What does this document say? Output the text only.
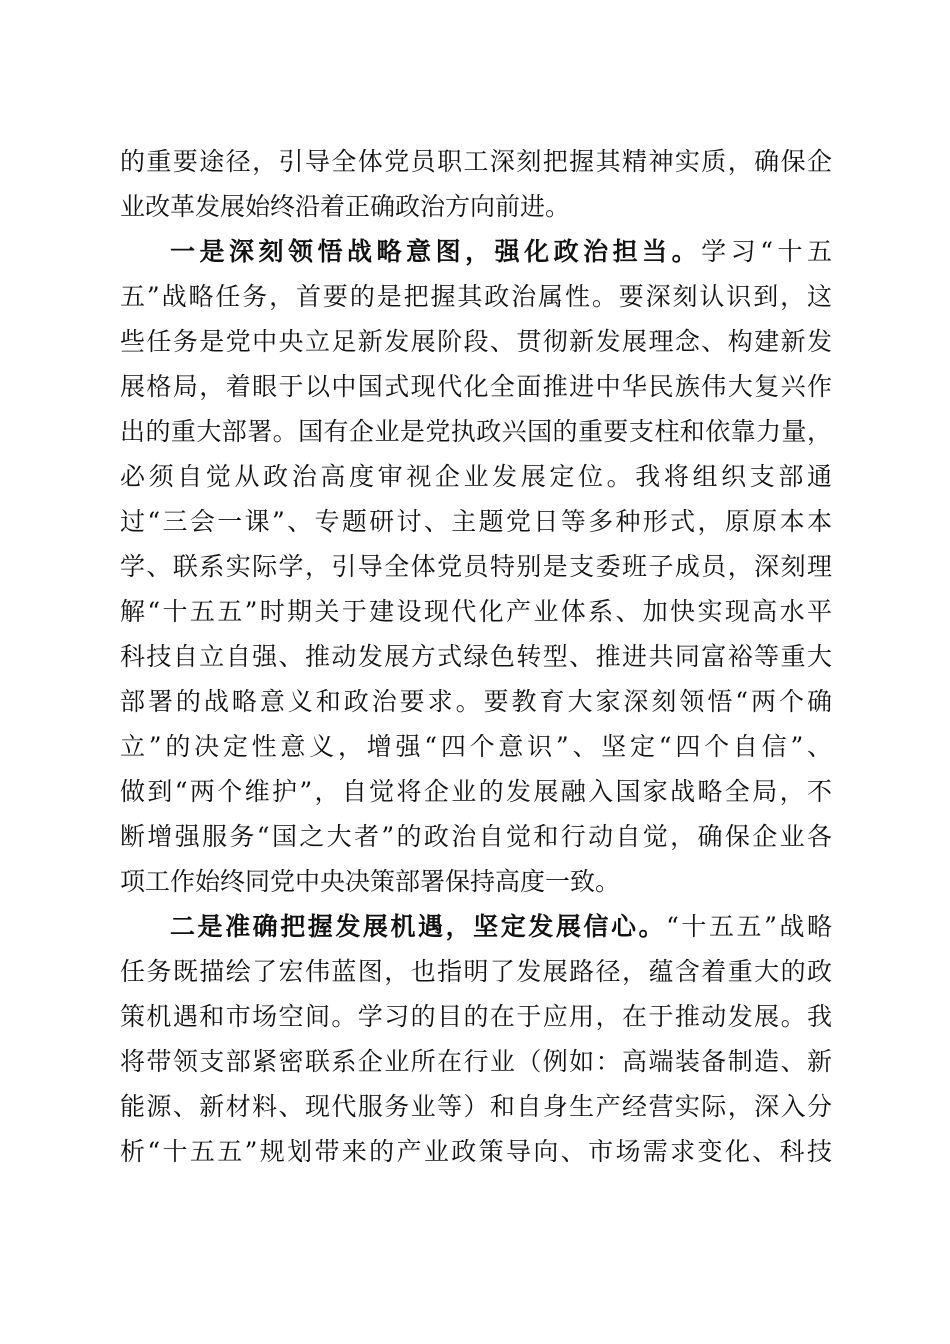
的重要途径，引导全体党员职工深刻把握其精神实质，确保企
业改革发展始终沿着正确政治方向前进。
一是深刻领悟战略意图，强化政治担当。学习“十五
五”战略任务，首要的是把握其政治属性。要深刻认识到，这
些任务是党中央立足新发展阶段、贯彻新发展理念、构建新发
展格局，着眼于以中国式现代化全面推进中华民族伟大复兴作
出的重大部署。国有企业是党执政兴国的重要支柱和依靠力量，
必须自觉从政治高度审视企业发展定位。我将组织支部通
过“三会一课”、专题研讨、主题党日等多种形式，原原本本
学、联系实际学，引导全体党员特别是支委班子成员，深刻理
解“十五五”时期关于建设现代化产业体系、加快实现高水平
科技自立自强、推动发展方式绿色转型、推进共同富裕等重大
部署的战略意义和政治要求。要教育大家深刻领悟“两个确
立”的决定性意义，增强“四个意识”、坚定“四个自信”、
做到“两个维护”，自觉将企业的发展融入国家战略全局，不
断增强服务“国之大者”的政治自觉和行动自觉，确保企业各
项工作始终同党中央决策部署保持高度一致。
二是准确把握发展机遇，坚定发展信心。“十五五”战略
任务既描绘了宏伟蓝图，也指明了发展路径，蕴含着重大的政
策机遇和市场空间。学习的目的在于应用，在于推动发展。我
将带领支部紧密联系企业所在行业（例如：高端装备制造、新
能源、新材料、现代服务业等）和自身生产经营实际，深入分
析“十五五”规划带来的产业政策导向、市场需求变化、科技
